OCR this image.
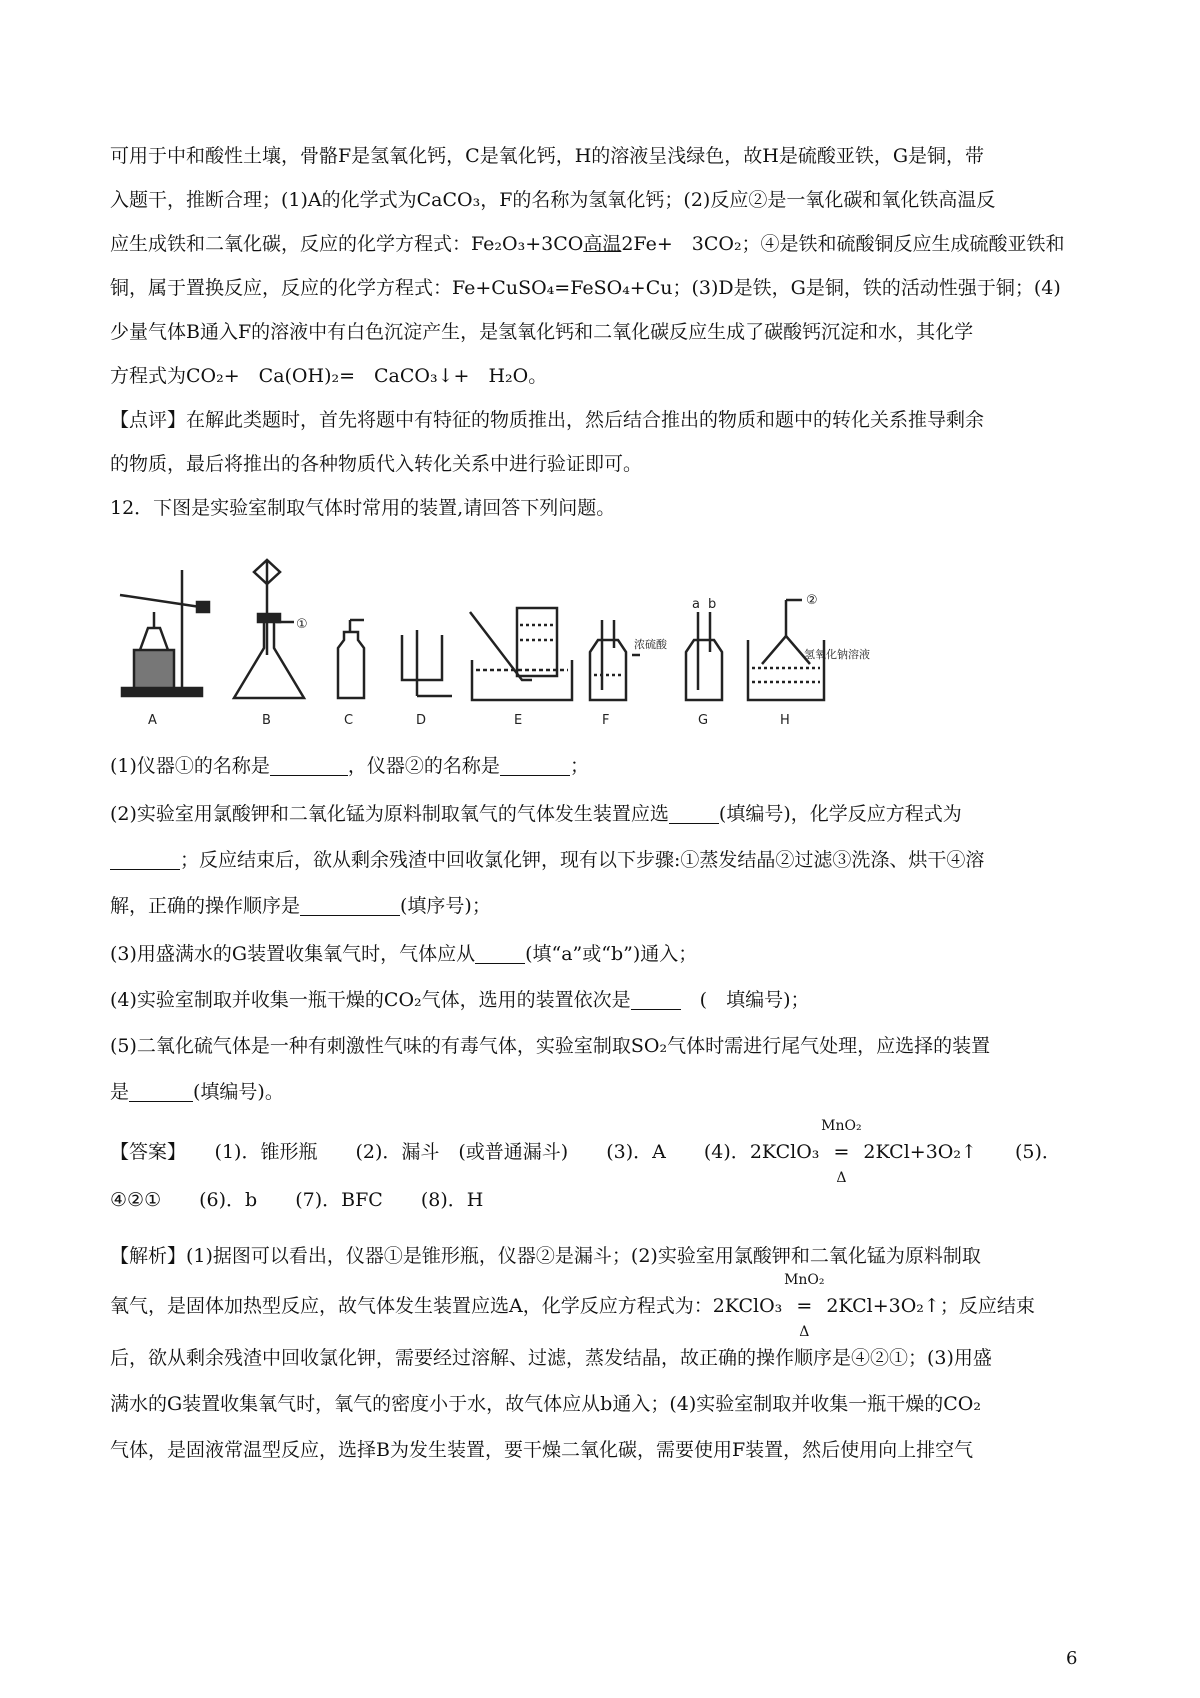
可用于中和酸性土壤，骨骼F是氢氧化钙，C是氧化钙，H的溶液呈浅绿色，故H是硫酸亚铁，G是铜，带
入题干，推断合理；(1)A的化学式为CaCO₃，F的名称为氢氧化钙；(2)反应②是一氧化碳和氧化铁高温反
应生成铁和二氧化碳，反应的化学方程式：Fe₂O₃+3CO高温2Fe+　3CO₂；④是铁和硫酸铜反应生成硫酸亚铁和
铜，属于置换反应，反应的化学方程式：Fe+CuSO₄=FeSO₄+Cu；(3)D是铁，G是铜，铁的活动性强于铜；(4)
少量气体B通入F的溶液中有白色沉淀产生，是氢氧化钙和二氧化碳反应生成了碳酸钙沉淀和水，其化学
方程式为CO₂+　Ca(OH)₂=　CaCO₃↓+　H₂O。
【点评】在解此类题时，首先将题中有特征的物质推出，然后结合推出的物质和题中的转化关系推导剩余
的物质，最后将推出的各种物质代入转化关系中进行验证即可。
12．下图是实验室制取气体时常用的装置,请回答下列问题。
A	B	C	D	E	F	G	H
①
②
a b
浓硫酸
氢氧化钠溶液
(1)仪器①的名称是	，仪器②的名称是	；
(2)实验室用氯酸钾和二氧化锰为原料制取氧气的气体发生装置应选	(填编号)，化学反应方程式为
；反应结束后，欲从剩余残渣中回收氯化钾，现有以下步骤:①蒸发结晶②过滤③洗涤、烘干④溶
解，正确的操作顺序是	(填序号)；
(3)用盛满水的G装置收集氧气时，气体应从	(填“a”或“b”)通入；
(4)实验室制取并收集一瓶干燥的CO₂气体，选用的装置依次是	　(　填编号)；
(5)二氧化硫气体是一种有刺激性气味的有毒气体，实验室制取SO₂气体时需进行尾气处理，应选择的装置
是	(填编号)。
【答案】　　 (1)．锥形瓶　　 (2)．漏斗　(或普通漏斗)　　 (3)．A　　 (4)．2KClO₃
MnO₂
=
Δ
2KCl+3O₂↑　　 (5)．
④②①　　 (6)．b　　 (7)．BFC　　 (8)．H
【解析】(1)据图可以看出，仪器①是锥形瓶，仪器②是漏斗；(2)实验室用氯酸钾和二氧化锰为原料制取
氧气，是固体加热型反应，故气体发生装置应选A，化学反应方程式为：2KClO₃
MnO₂
=
Δ
2KCl+3O₂↑；反应结束
后，欲从剩余残渣中回收氯化钾，需要经过溶解、过滤，蒸发结晶，故正确的操作顺序是④②①；(3)用盛
满水的G装置收集氧气时，氧气的密度小于水，故气体应从b通入；(4)实验室制取并收集一瓶干燥的CO₂
气体，是固液常温型反应，选择B为发生装置，要干燥二氧化碳，需要使用F装置，然后使用向上排空气
6
